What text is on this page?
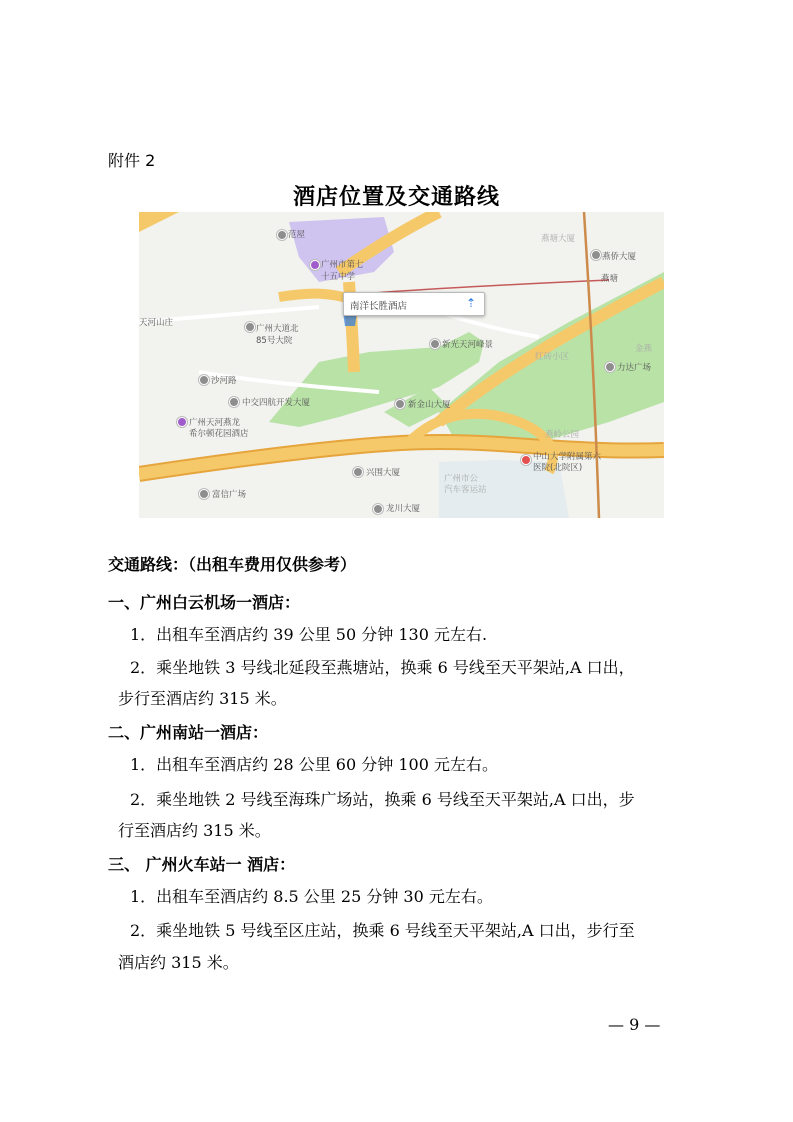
附件 2
酒店位置及交通路线
南洋长胜酒店	⇡
范屋
广州市第七
十五中学
燕塘大厦
燕侨大厦
燕塘
天河山庄
广州大道北
85号大院	新光天河峰景
红砖小区
金燕
力达广场
沙河路
中交四航开发大厦	新金山大厦
广州天河燕龙
希尔顿花园酒店	燕岭公园
中山大学附属第六
医院(北院区)
兴围大厦
广州市公
汽车客运站
富信广场
龙川大厦
交通路线：（出租车费用仅供参考）
一、广州白云机场一酒店：
1．出租车至酒店约 39 公里 50 分钟 130 元左右.
2．乘坐地铁 3 号线北延段至燕塘站，换乘 6 号线至天平架站,A 口出，
步行至酒店约 315 米。
二、广州南站一酒店：
1．出租车至酒店约 28 公里 60 分钟 100 元左右。
2．乘坐地铁 2 号线至海珠广场站，换乘 6 号线至天平架站,A 口出，步
行至酒店约 315 米。
三、 广州火车站一 酒店：
1．出租车至酒店约 8.5 公里 25 分钟 30 元左右。
2．乘坐地铁 5 号线至区庄站，换乘 6 号线至天平架站,A 口出，步行至
酒店约 315 米。
— 9 —
